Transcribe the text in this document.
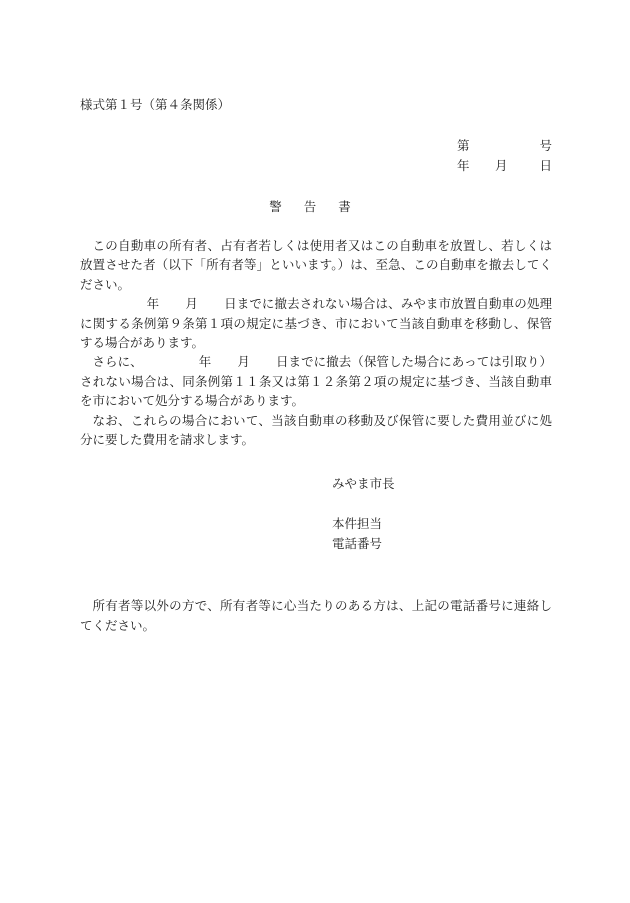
様式第１号（第４条関係）
第	号
年 月	日
警告書

この自動車の所有者、占有者若しくは使用者又はこの自動車を放置し、若しくは放置させた者（以下「所有者等」といいます。）は、至急、この自動車を撤去してください。

年 月 日までに撤去されない場合は、みやま市放置自動車の処理に関する条例第９条第１項の規定に基づき、市において当該自動車を移動し、保管する場合があります。

さらに、	年 月 日までに撤去（保管した場合にあっては引取り）されない場合は、同条例第１１条又は第１２条第２項の規定に基づき、当該自動車を市において処分する場合があります。

なお、これらの場合において、当該自動車の移動及び保管に要した費用並びに処分に要した費用を請求します。

みやま市長
本件担当
電話番号

所有者等以外の方で、所有者等に心当たりのある方は、上記の電話番号に連絡してください。
